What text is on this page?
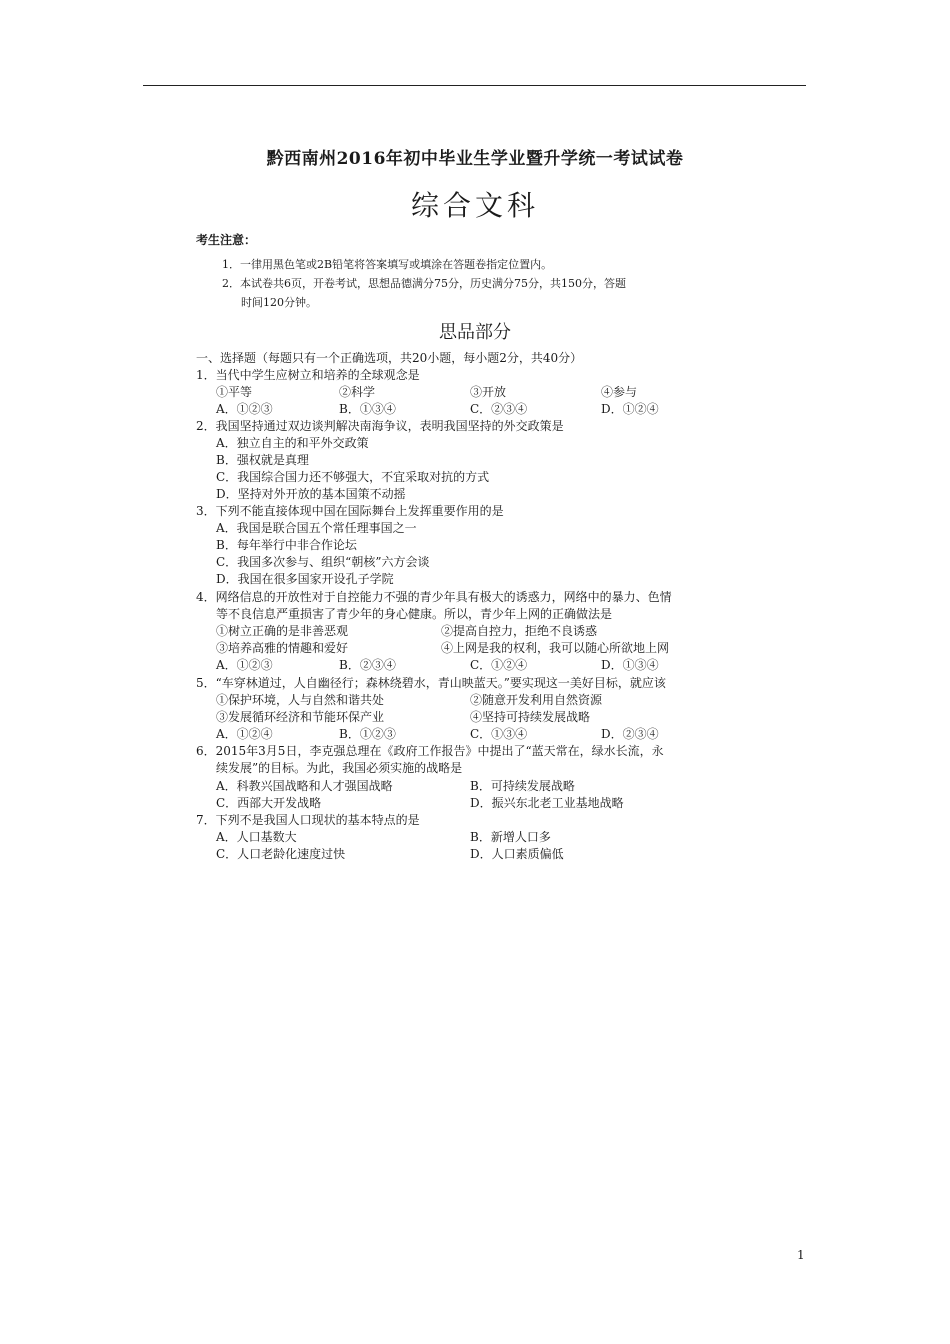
黔西南州2016年初中毕业生学业暨升学统一考试试卷
综合文科
考生注意：
1．一律用黑色笔或2B铅笔将答案填写或填涂在答题卷指定位置内。
2．本试卷共6页，开卷考试，思想品德满分75分，历史满分75分，共150分，答题
时间120分钟。
思品部分
一、选择题（每题只有一个正确选项，共20小题，每小题2分，共40分）
1．当代中学生应树立和培养的全球观念是
①平等	②科学	③开放	④参与
A．①②③	B．①③④	C．②③④	D．①②④
2．我国坚持通过双边谈判解决南海争议，表明我国坚持的外交政策是
A．独立自主的和平外交政策
B．强权就是真理
C．我国综合国力还不够强大，不宜采取对抗的方式
D．坚持对外开放的基本国策不动摇
3．下列不能直接体现中国在国际舞台上发挥重要作用的是
A．我国是联合国五个常任理事国之一
B．每年举行中非合作论坛
C．我国多次参与、组织“朝核”六方会谈
D．我国在很多国家开设孔子学院
4．网络信息的开放性对于自控能力不强的青少年具有极大的诱惑力，网络中的暴力、色情
等不良信息严重损害了青少年的身心健康。所以，青少年上网的正确做法是
①树立正确的是非善恶观	②提高自控力，拒绝不良诱惑
③培养高雅的情趣和爱好	④上网是我的权利，我可以随心所欲地上网
A．①②③	B．②③④	C．①②④	D．①③④
5．“车穿林道过，人自幽径行；森林绕碧水，青山映蓝天。”要实现这一美好目标，就应该
①保护环境，人与自然和谐共处	②随意开发利用自然资源
③发展循环经济和节能环保产业	④坚持可持续发展战略
A．①②④	B．①②③	C．①③④	D．②③④
6．2015年3月5日，李克强总理在《政府工作报告》中提出了“蓝天常在，绿水长流，永
续发展”的目标。为此，我国必须实施的战略是
A．科教兴国战略和人才强国战略	B．可持续发展战略
C．西部大开发战略	D．振兴东北老工业基地战略
7．下列不是我国人口现状的基本特点的是
A．人口基数大	B．新增人口多
C．人口老龄化速度过快	D．人口素质偏低
1
